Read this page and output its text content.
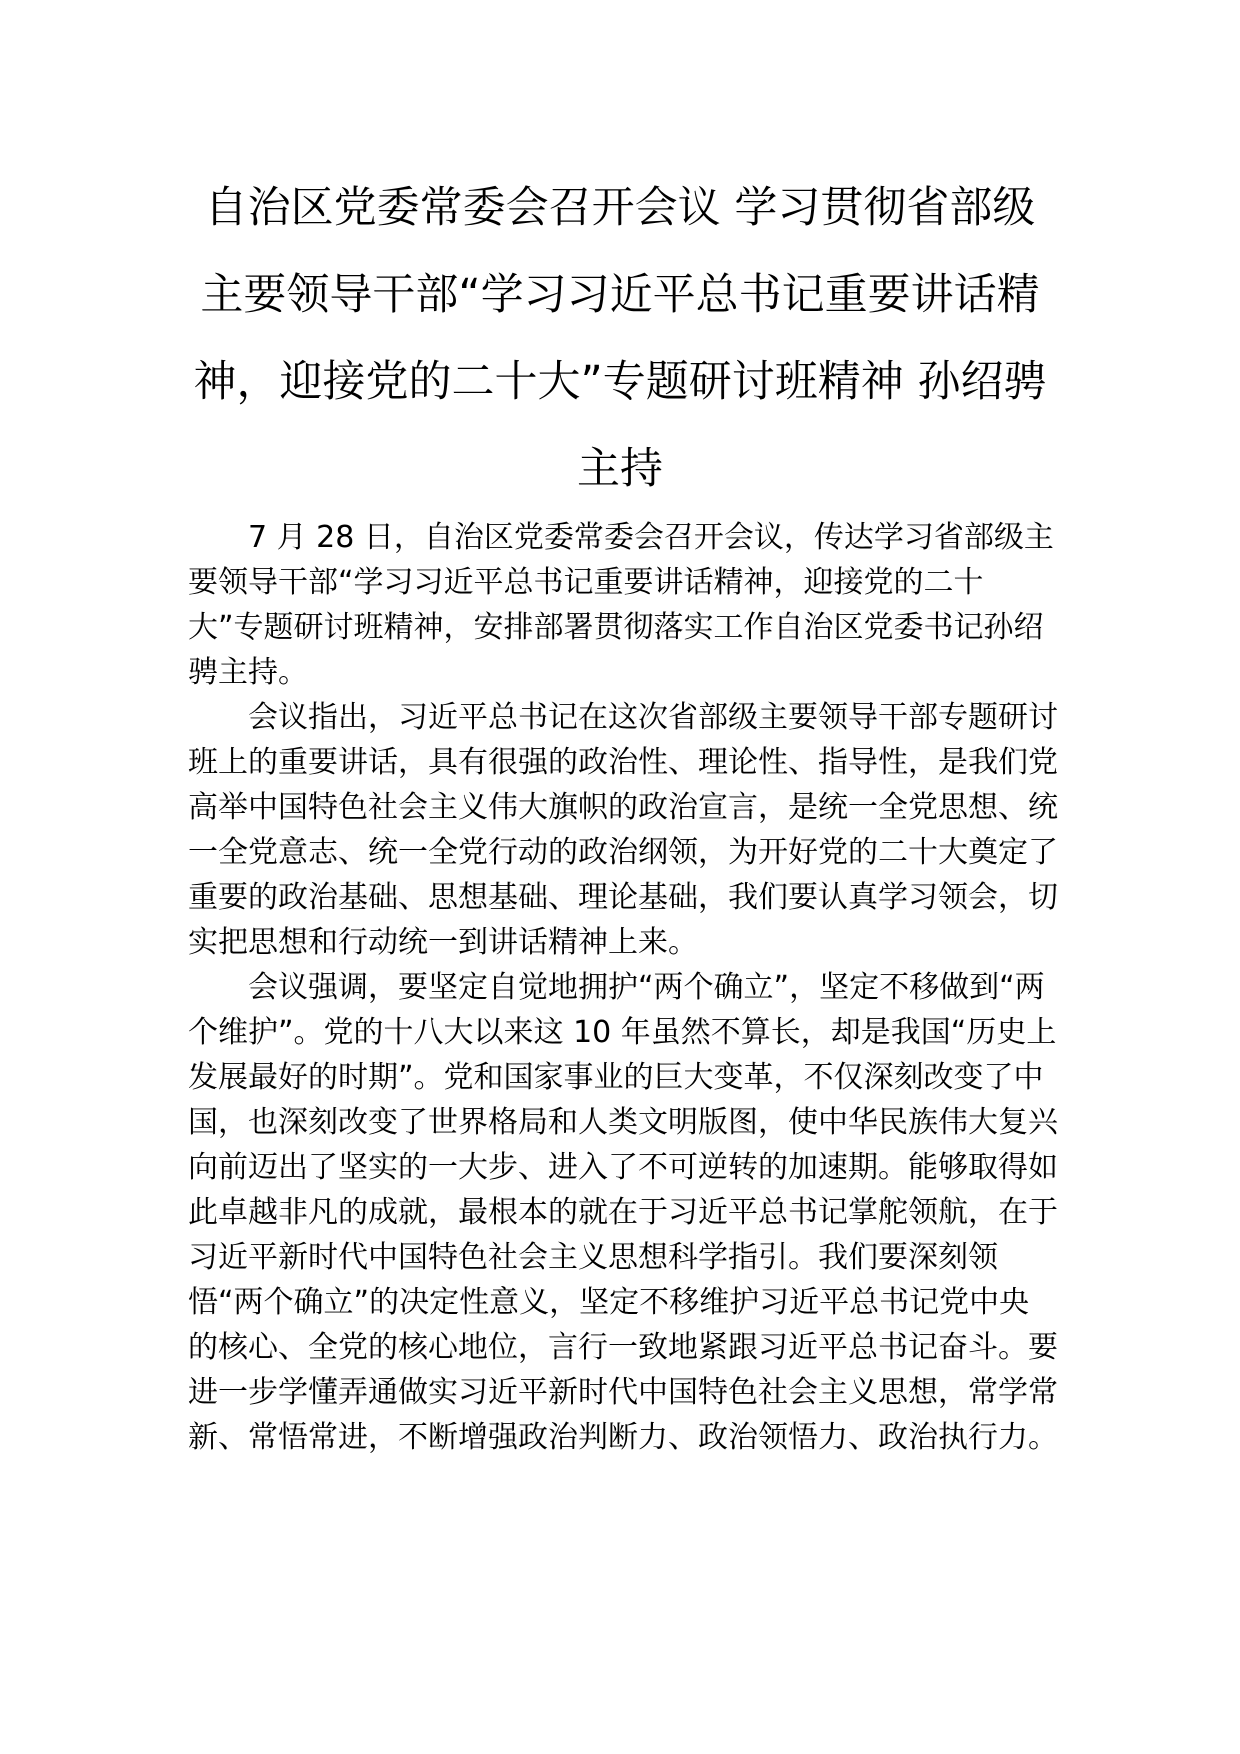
自治区党委常委会召开会议 学习贯彻省部级主要领导干部“学习习近平总书记重要讲话精神，迎接党的二十大”专题研讨班精神 孙绍骋主持

7 月 28 日，自治区党委常委会召开会议，传达学习省部级主要领导干部“学习习近平总书记重要讲话精神，迎接党的二十大”专题研讨班精神，安排部署贯彻落实工作自治区党委书记孙绍骋主持。

会议指出，习近平总书记在这次省部级主要领导干部专题研讨班上的重要讲话，具有很强的政治性、理论性、指导性，是我们党高举中国特色社会主义伟大旗帜的政治宣言，是统一全党思想、统一全党意志、统一全党行动的政治纲领，为开好党的二十大奠定了重要的政治基础、思想基础、理论基础，我们要认真学习领会，切实把思想和行动统一到讲话精神上来。

会议强调，要坚定自觉地拥护“两个确立”，坚定不移做到“两个维护”。党的十八大以来这 10 年虽然不算长，却是我国“历史上发展最好的时期”。党和国家事业的巨大变革，不仅深刻改变了中国，也深刻改变了世界格局和人类文明版图，使中华民族伟大复兴向前迈出了坚实的一大步、进入了不可逆转的加速期。能够取得如此卓越非凡的成就，最根本的就在于习近平总书记掌舵领航，在于习近平新时代中国特色社会主义思想科学指引。我们要深刻领悟“两个确立”的决定性意义，坚定不移维护习近平总书记党中央的核心、全党的核心地位，言行一致地紧跟习近平总书记奋斗。要进一步学懂弄通做实习近平新时代中国特色社会主义思想，常学常新、常悟常进，不断增强政治判断力、政治领悟力、政治执行力。
